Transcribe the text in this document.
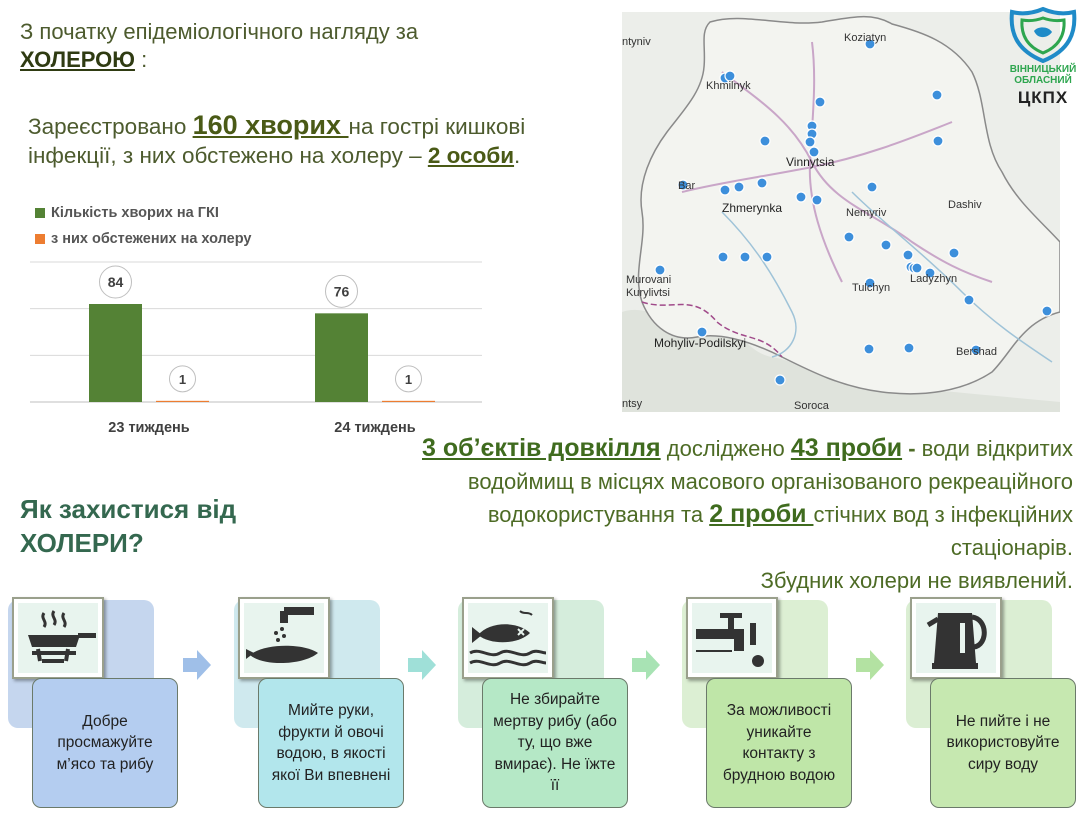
З початку епідеміологічного нагляду за
ХОЛЕРОЮ :
Зареєстровано 160 хворих на гострі кишкові інфекції, з них обстежено на холеру – 2 особи.
Кількість хворих на ГКІ
з них обстежених на холеру
84
1
23 тиждень
76
1
24 тиждень
Koziatyn
Khmilnyk
Vinnytsia
Bar
Zhmerynka	Nemyriv
Dashiv
Murovani Kurylivtsi
Ladyzhyn
Tulchyn
Mohyliv-Podilskyi
Bershad
Soroca
ntyniv
ntsy
ВІННИЦЬКИЙ
ОБЛАСНИЙ
ЦКПХ
3 об’єктів довкілля досліджено 43 проби - води відкритих водоймищ в місцях масового організованого рекреаційного водокористування та 2 проби стічних вод з інфекційних стаціонарів.
Збудник холери не виявлений.
Як захистися від
ХОЛЕРИ?
Добре просмажуйте м’ясо та рибу
Мийте руки, фрукти й овочі водою, в якості якої Ви впевнені
Не збирайте мертву рибу (або ту, що вже вмирає). Не їжте її
За можливості уникайте контакту з брудною водою
Не пийте і не використовуйте сиру воду
